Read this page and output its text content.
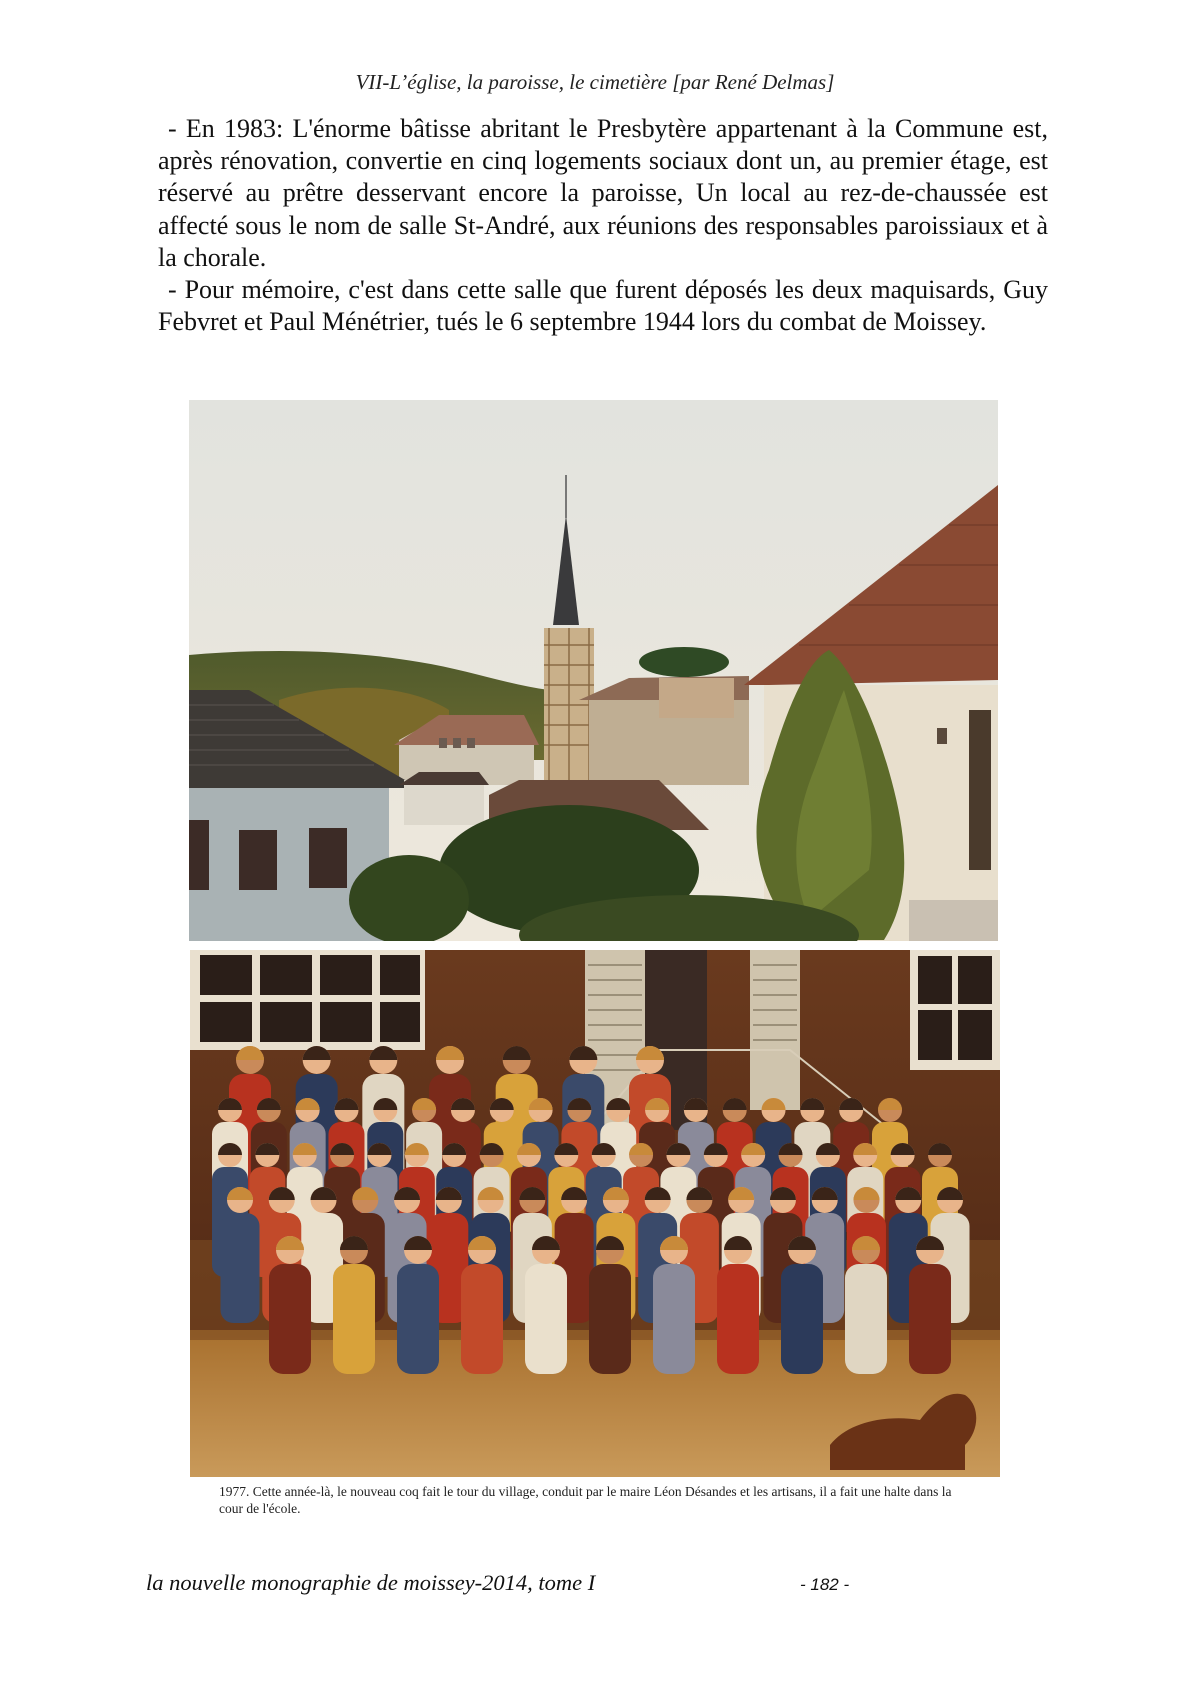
VII-L’église, la paroisse, le cimetière [par René Delmas]

- En 1983: L'énorme bâtisse abritant le Presbytère appartenant à la Commune est, après rénovation, convertie en cinq logements sociaux dont un, au premier étage, est réservé au prêtre desservant encore la paroisse, Un local au rez-de-chaussée est affecté sous le nom de salle St-André, aux réunions des responsables paroissiaux et à la chorale.

- Pour mémoire, c'est dans cette salle que furent déposés les deux maquisards, Guy Febvret et Paul Ménétrier, tués le 6 septembre 1944 lors du combat de Moissey.

1977. Cette année-là, le nouveau coq fait le tour du village, conduit par le maire Léon Désandes et les artisans, il a fait une halte dans la cour de l'école.
la nouvelle monographie de moissey-2014, tome I	- 182 -
